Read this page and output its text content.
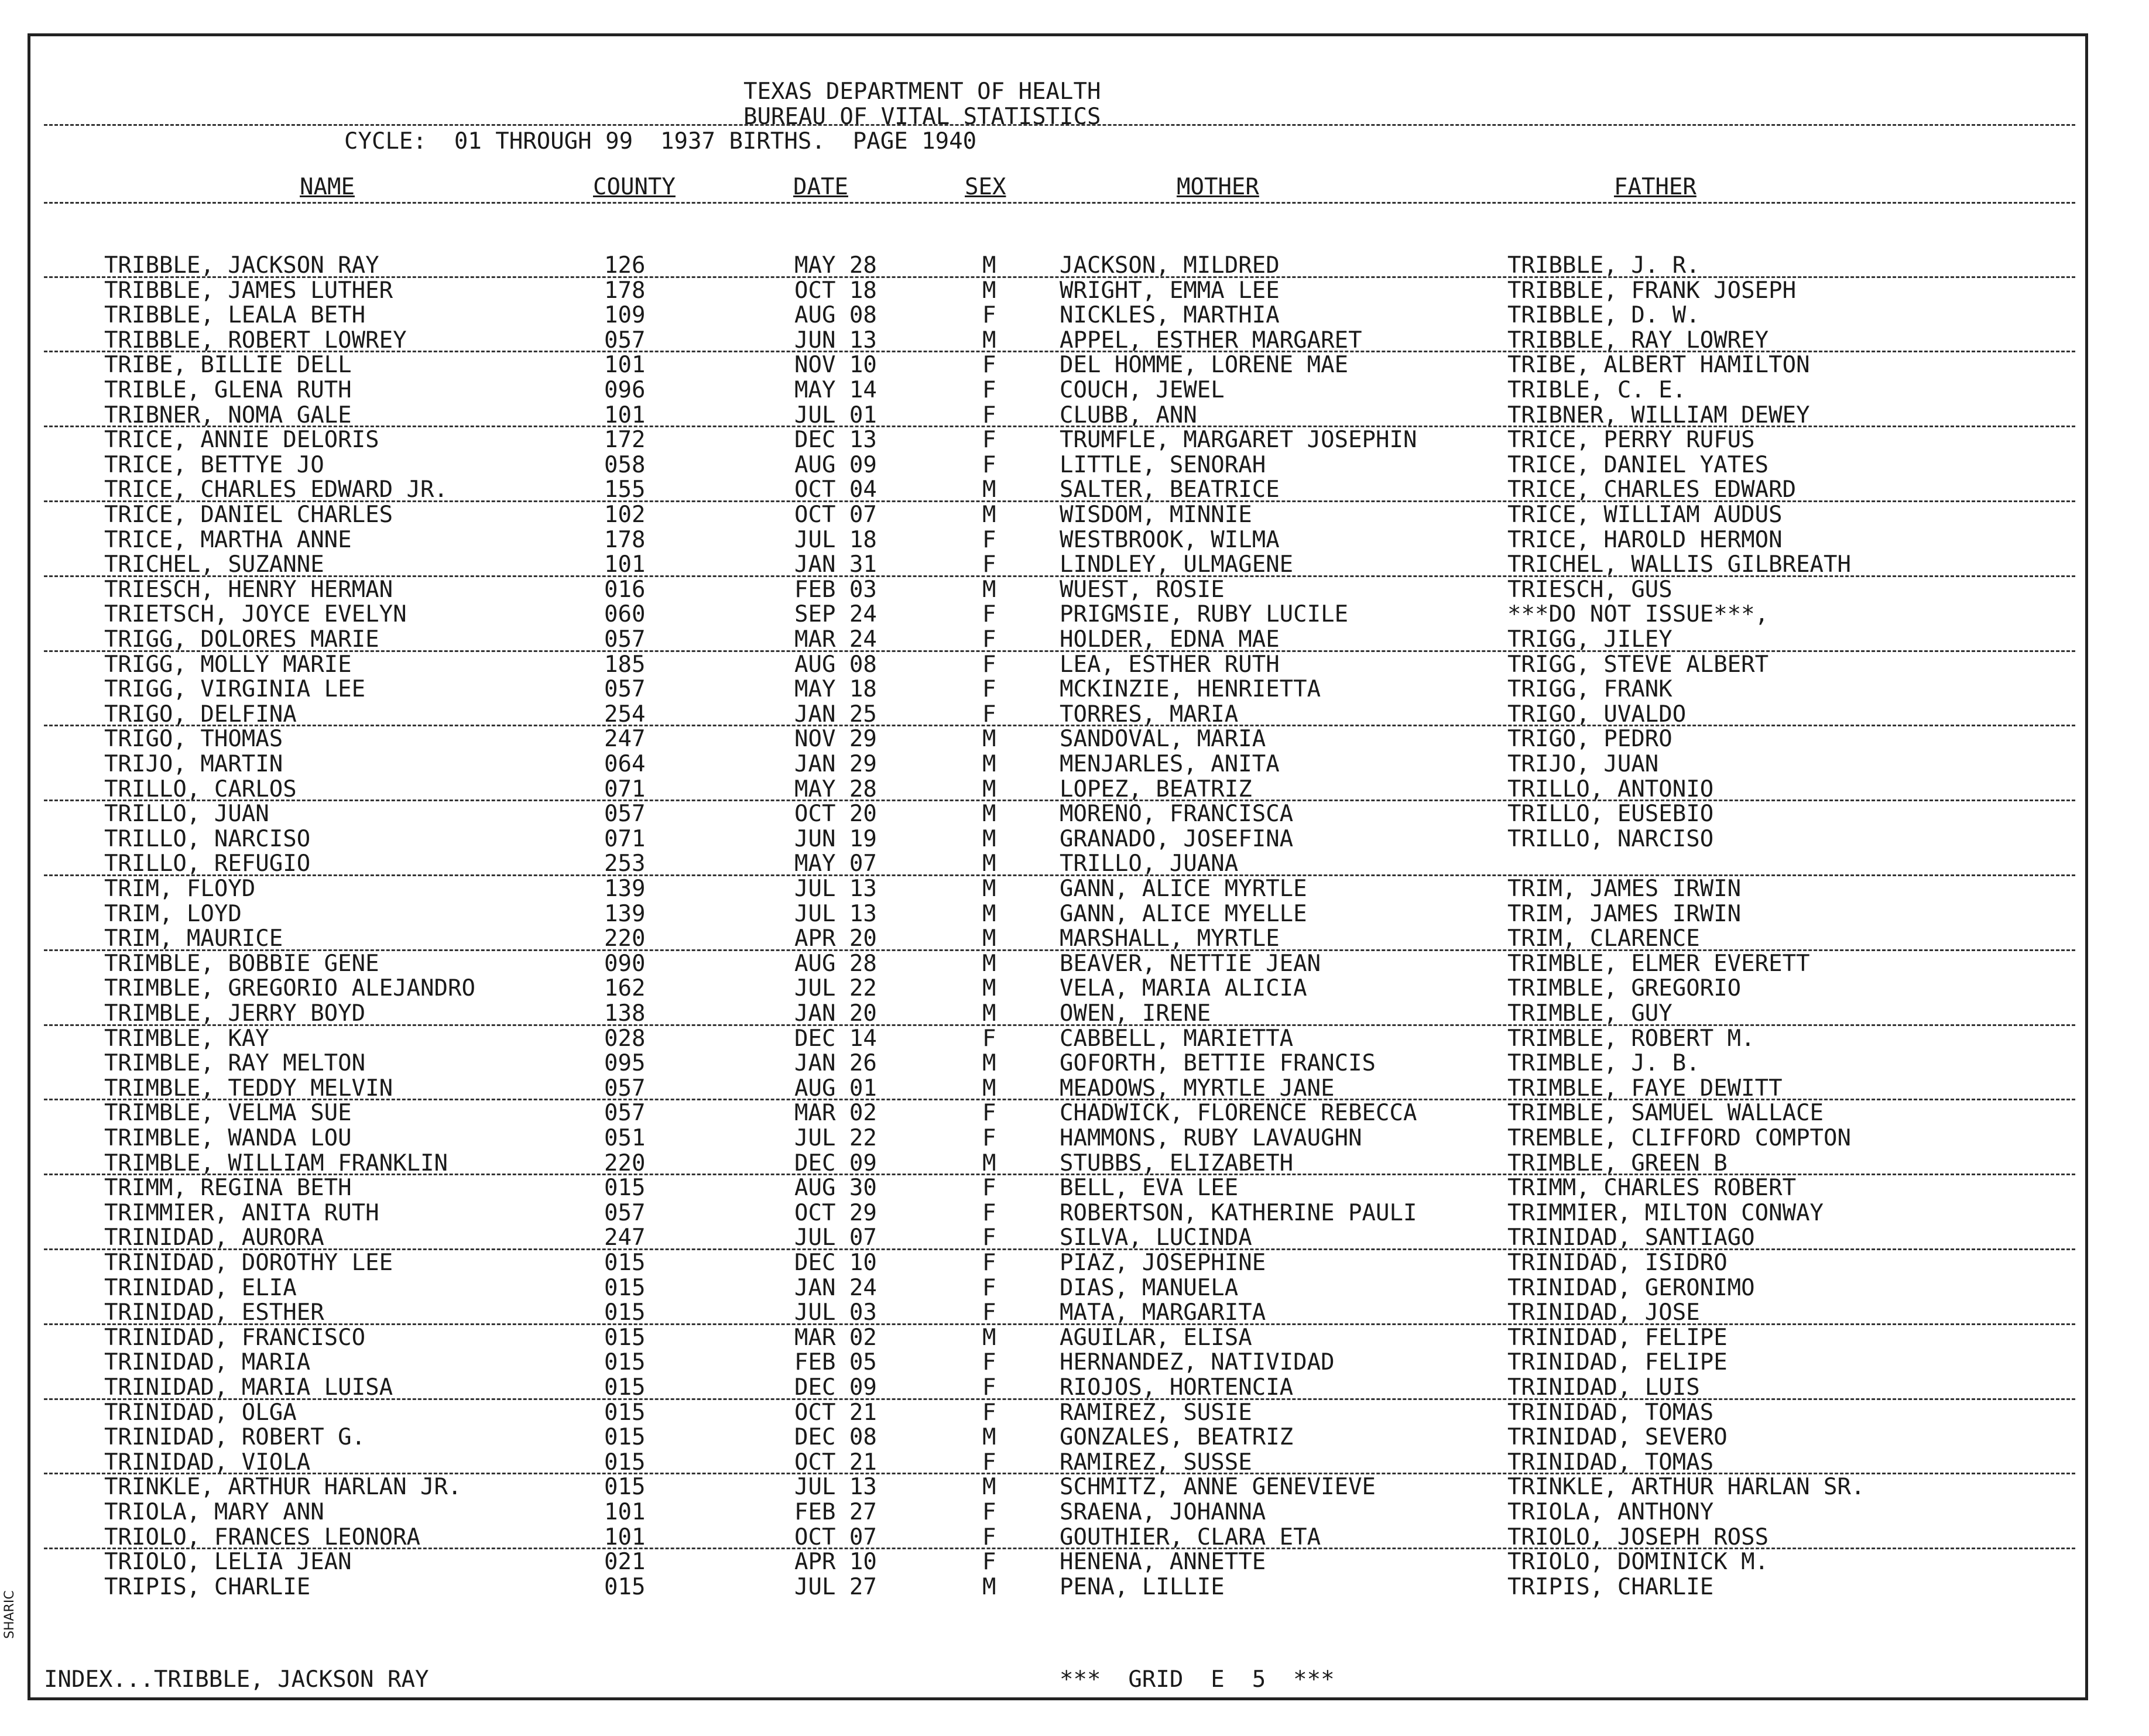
TEXAS DEPARTMENT OF HEALTH
BUREAU OF VITAL STATISTICS
CYCLE:  01 THROUGH 99  1937 BIRTHS.  PAGE 1940
NAME	COUNTY	DATE	SEX	MOTHER	FATHER
TRIBBLE, JACKSON RAY	126	MAY 28	M	JACKSON, MILDRED	TRIBBLE, J. R.
TRIBBLE, JAMES LUTHER	178	OCT 18	M	WRIGHT, EMMA LEE	TRIBBLE, FRANK JOSEPH
TRIBBLE, LEALA BETH	109	AUG 08	F	NICKLES, MARTHIA	TRIBBLE, D. W.
TRIBBLE, ROBERT LOWREY	057	JUN 13	M	APPEL, ESTHER MARGARET	TRIBBLE, RAY LOWREY
TRIBE, BILLIE DELL	101	NOV 10	F	DEL HOMME, LORENE MAE	TRIBE, ALBERT HAMILTON
TRIBLE, GLENA RUTH	096	MAY 14	F	COUCH, JEWEL	TRIBLE, C. E.
TRIBNER, NOMA GALE	101	JUL 01	F	CLUBB, ANN	TRIBNER, WILLIAM DEWEY
TRICE, ANNIE DELORIS	172	DEC 13	F	TRUMFLE, MARGARET JOSEPHIN	TRICE, PERRY RUFUS
TRICE, BETTYE JO	058	AUG 09	F	LITTLE, SENORAH	TRICE, DANIEL YATES
TRICE, CHARLES EDWARD JR.	155	OCT 04	M	SALTER, BEATRICE	TRICE, CHARLES EDWARD
TRICE, DANIEL CHARLES	102	OCT 07	M	WISDOM, MINNIE	TRICE, WILLIAM AUDUS
TRICE, MARTHA ANNE	178	JUL 18	F	WESTBROOK, WILMA	TRICE, HAROLD HERMON
TRICHEL, SUZANNE	101	JAN 31	F	LINDLEY, ULMAGENE	TRICHEL, WALLIS GILBREATH
TRIESCH, HENRY HERMAN	016	FEB 03	M	WUEST, ROSIE	TRIESCH, GUS
TRIETSCH, JOYCE EVELYN	060	SEP 24	F	PRIGMSIE, RUBY LUCILE	***DO NOT ISSUE***,
TRIGG, DOLORES MARIE	057	MAR 24	F	HOLDER, EDNA MAE	TRIGG, JILEY
TRIGG, MOLLY MARIE	185	AUG 08	F	LEA, ESTHER RUTH	TRIGG, STEVE ALBERT
TRIGG, VIRGINIA LEE	057	MAY 18	F	MCKINZIE, HENRIETTA	TRIGG, FRANK
TRIGO, DELFINA	254	JAN 25	F	TORRES, MARIA	TRIGO, UVALDO
TRIGO, THOMAS	247	NOV 29	M	SANDOVAL, MARIA	TRIGO, PEDRO
TRIJO, MARTIN	064	JAN 29	M	MENJARLES, ANITA	TRIJO, JUAN
TRILLO, CARLOS	071	MAY 28	M	LOPEZ, BEATRIZ	TRILLO, ANTONIO
TRILLO, JUAN	057	OCT 20	M	MORENO, FRANCISCA	TRILLO, EUSEBIO
TRILLO, NARCISO	071	JUN 19	M	GRANADO, JOSEFINA	TRILLO, NARCISO
TRILLO, REFUGIO	253	MAY 07	M	TRILLO, JUANA
TRIM, FLOYD	139	JUL 13	M	GANN, ALICE MYRTLE	TRIM, JAMES IRWIN
TRIM, LOYD	139	JUL 13	M	GANN, ALICE MYELLE	TRIM, JAMES IRWIN
TRIM, MAURICE	220	APR 20	M	MARSHALL, MYRTLE	TRIM, CLARENCE
TRIMBLE, BOBBIE GENE	090	AUG 28	M	BEAVER, NETTIE JEAN	TRIMBLE, ELMER EVERETT
TRIMBLE, GREGORIO ALEJANDRO	162	JUL 22	M	VELA, MARIA ALICIA	TRIMBLE, GREGORIO
TRIMBLE, JERRY BOYD	138	JAN 20	M	OWEN, IRENE	TRIMBLE, GUY
TRIMBLE, KAY	028	DEC 14	F	CABBELL, MARIETTA	TRIMBLE, ROBERT M.
TRIMBLE, RAY MELTON	095	JAN 26	M	GOFORTH, BETTIE FRANCIS	TRIMBLE, J. B.
TRIMBLE, TEDDY MELVIN	057	AUG 01	M	MEADOWS, MYRTLE JANE	TRIMBLE, FAYE DEWITT
TRIMBLE, VELMA SUE	057	MAR 02	F	CHADWICK, FLORENCE REBECCA	TRIMBLE, SAMUEL WALLACE
TRIMBLE, WANDA LOU	051	JUL 22	F	HAMMONS, RUBY LAVAUGHN	TREMBLE, CLIFFORD COMPTON
TRIMBLE, WILLIAM FRANKLIN	220	DEC 09	M	STUBBS, ELIZABETH	TRIMBLE, GREEN B
TRIMM, REGINA BETH	015	AUG 30	F	BELL, EVA LEE	TRIMM, CHARLES ROBERT
TRIMMIER, ANITA RUTH	057	OCT 29	F	ROBERTSON, KATHERINE PAULI	TRIMMIER, MILTON CONWAY
TRINIDAD, AURORA	247	JUL 07	F	SILVA, LUCINDA	TRINIDAD, SANTIAGO
TRINIDAD, DOROTHY LEE	015	DEC 10	F	PIAZ, JOSEPHINE	TRINIDAD, ISIDRO
TRINIDAD, ELIA	015	JAN 24	F	DIAS, MANUELA	TRINIDAD, GERONIMO
TRINIDAD, ESTHER	015	JUL 03	F	MATA, MARGARITA	TRINIDAD, JOSE
TRINIDAD, FRANCISCO	015	MAR 02	M	AGUILAR, ELISA	TRINIDAD, FELIPE
TRINIDAD, MARIA	015	FEB 05	F	HERNANDEZ, NATIVIDAD	TRINIDAD, FELIPE
TRINIDAD, MARIA LUISA	015	DEC 09	F	RIOJOS, HORTENCIA	TRINIDAD, LUIS
TRINIDAD, OLGA	015	OCT 21	F	RAMIREZ, SUSIE	TRINIDAD, TOMAS
TRINIDAD, ROBERT G.	015	DEC 08	M	GONZALES, BEATRIZ	TRINIDAD, SEVERO
TRINIDAD, VIOLA	015	OCT 21	F	RAMIREZ, SUSSE	TRINIDAD, TOMAS
TRINKLE, ARTHUR HARLAN JR.	015	JUL 13	M	SCHMITZ, ANNE GENEVIEVE	TRINKLE, ARTHUR HARLAN SR.
TRIOLA, MARY ANN	101	FEB 27	F	SRAENA, JOHANNA	TRIOLA, ANTHONY
TRIOLO, FRANCES LEONORA	101	OCT 07	F	GOUTHIER, CLARA ETA	TRIOLO, JOSEPH ROSS
TRIOLO, LELIA JEAN	021	APR 10	F	HENENA, ANNETTE	TRIOLO, DOMINICK M.
TRIPIS, CHARLIE	015	JUL 27	M	PENA, LILLIE	TRIPIS, CHARLIE
INDEX...TRIBBLE, JACKSON RAY	***  GRID  E  5  ***
SHARIC
